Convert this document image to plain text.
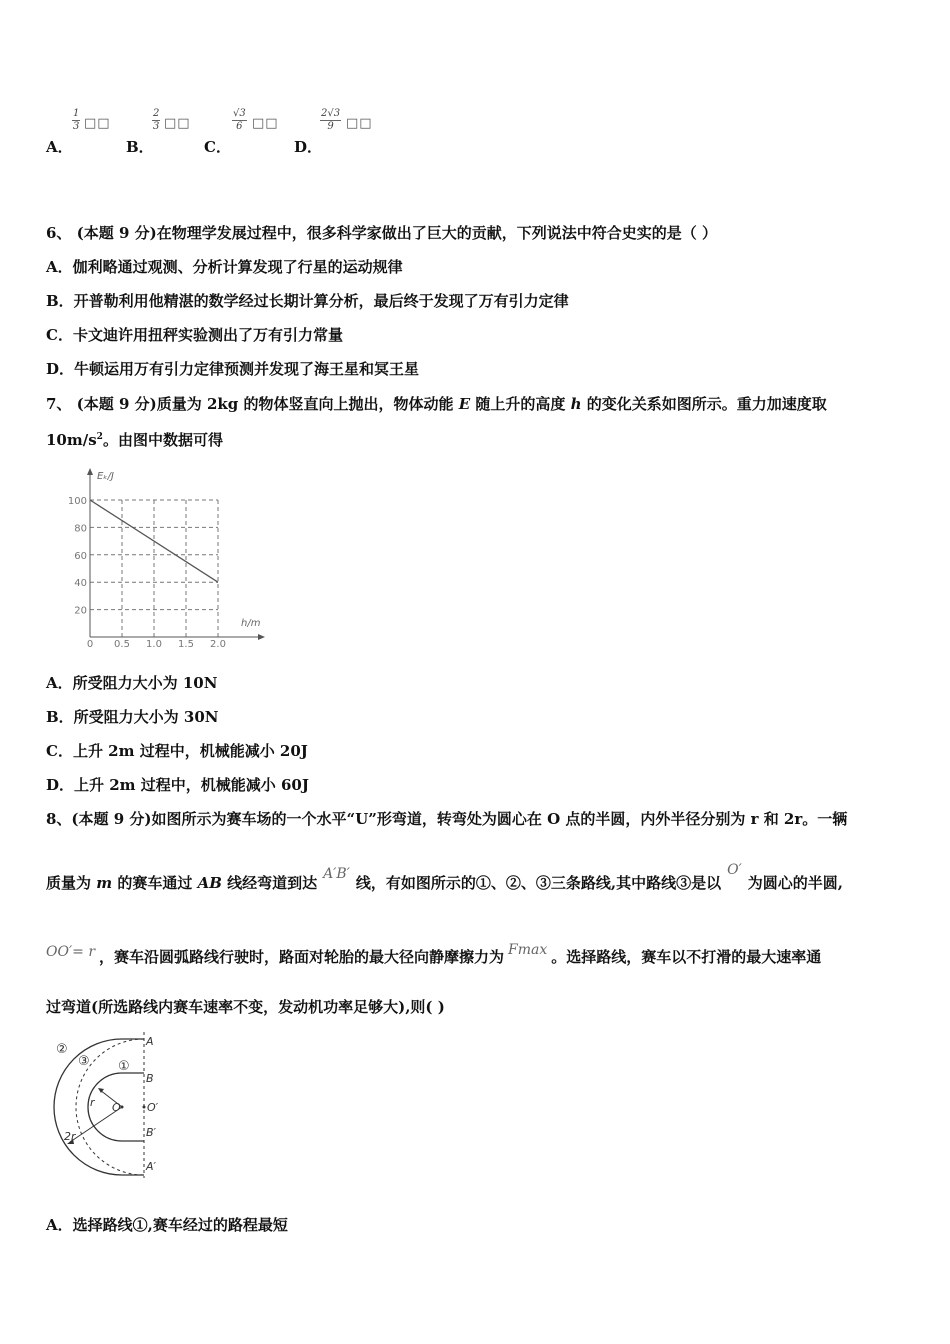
A．
$\frac{1}{3}$ □□
B．
$\frac{2}{3}$ □□
C．
$\frac{√3}{6}$ □□
D．
$\frac{2√3}{9}$ □□
6、 (本题 9 分)在物理学发展过程中，很多科学家做出了巨大的贡献，下列说法中符合史实的是（ ）
A．伽利略通过观测、分析计算发现了行星的运动规律
B．开普勒利用他精湛的数学经过长期计算分析，最后终于发现了万有引力定律
C．卡文迪许用扭秤实验测出了万有引力常量
D．牛顿运用万有引力定律预测并发现了海王星和冥王星
7、 (本题 9 分)质量为 2kg 的物体竖直向上抛出，物体动能 E 随上升的高度 h 的变化关系如图所示。重力加速度取
$10m/s^2$。由图中数据可得
0 0.5 1.0 1.5 2.0
100
80
60
40
20
Eₖ/J
h/m
A．所受阻力大小为 10N
B．所受阻力大小为 30N
C．上升 2m 过程中，机械能减小 20J
D．上升 2m 过程中，机械能减小 60J
8、(本题 9 分)如图所示为赛车场的一个水平“U”形弯道，转弯处为圆心在 O 点的半圆，内外半径分别为 r 和 2r。一辆
质量为 m 的赛车通过 AB 线经弯道到达 A′B′ 线，有如图所示的①、②、③三条路线,其中路线③是以O′为圆心的半圆,
OO′= r ，赛车沿圆弧路线行驶时，路面对轮胎的最大径向静摩擦力为 Fmax 。选择路线，赛车以不打滑的最大速率通
过弯道(所选路线内赛车速率不变，发动机功率足够大),则( )
②
③ ①
A
B
O O′
B′
A′
r
2r
A．选择路线①,赛车经过的路程最短
